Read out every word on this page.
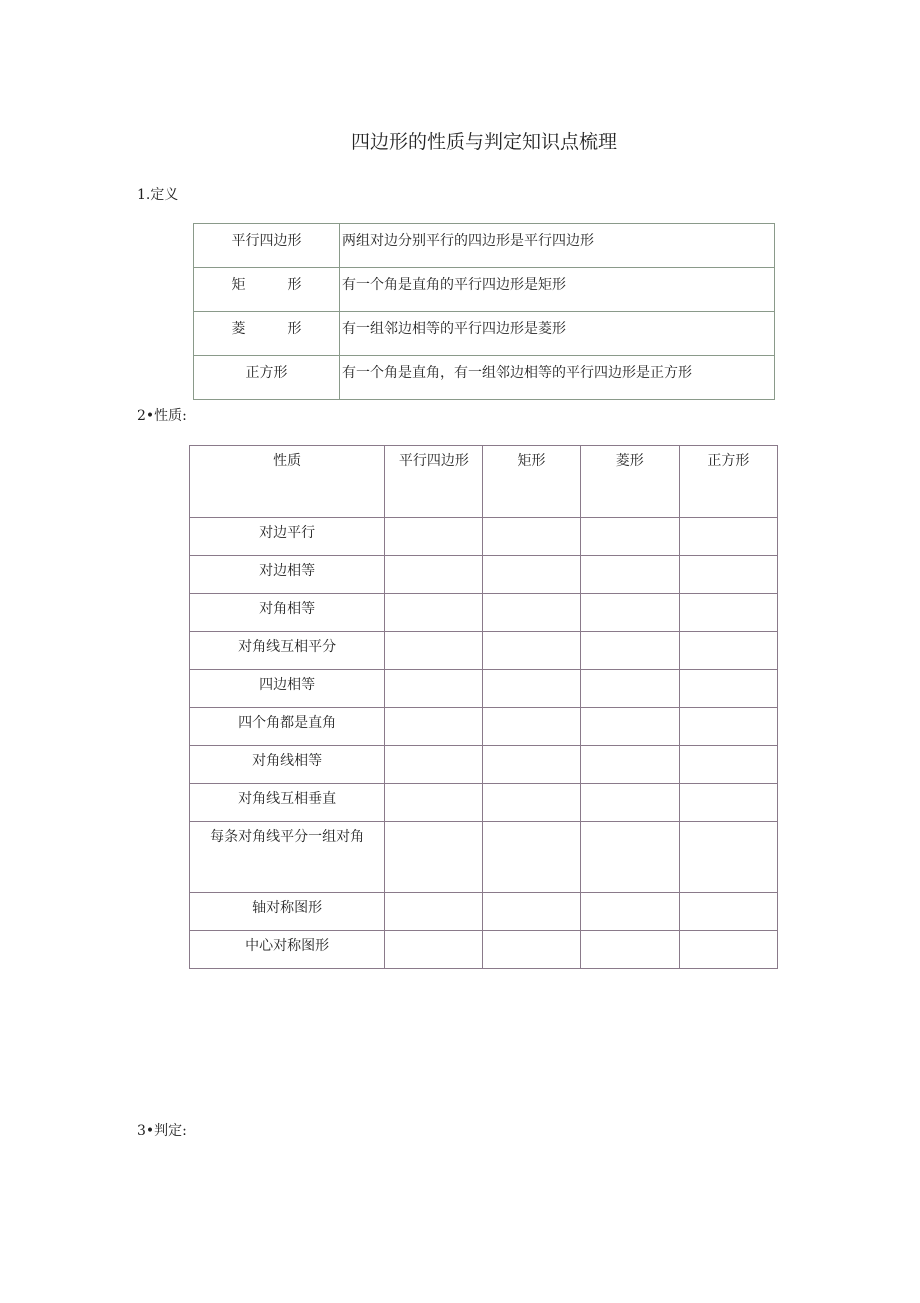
四边形的性质与判定知识点梳理
1.定义
平行四边形	两组对边分别平行的四边形是平行四边形
矩　　　形	有一个角是直角的平行四边形是矩形
菱　　　形	有一组邻边相等的平行四边形是菱形
正方形	有一个角是直角，有一组邻边相等的平行四边形是正方形
2•性质:
性质	平行四边形	矩形	菱形	正方形
对边平行				
对边相等				
对角相等				
对角线互相平分				
四边相等				
四个角都是直角				
对角线相等				
对角线互相垂直				
每条对角线平分一组对角				
轴对称图形				
中心对称图形				
3•判定:
